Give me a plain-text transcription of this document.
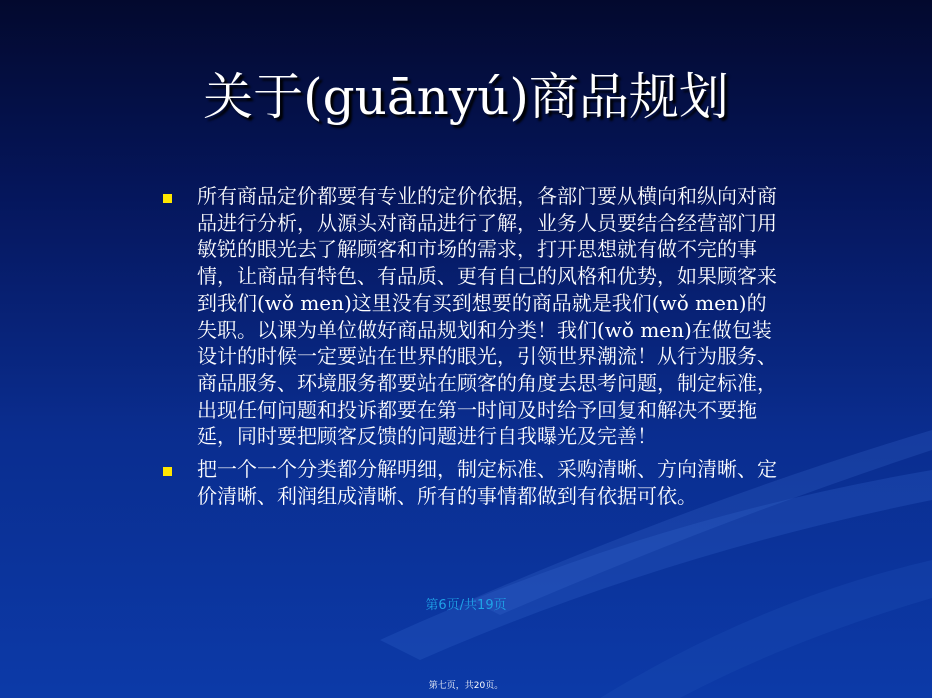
关于(guānyú)商品规划
所有商品定价都要有专业的定价依据，各部门要从横向和纵向对商品进行分析，从源头对商品进行了解，业务人员要结合经营部门用敏锐的眼光去了解顾客和市场的需求，打开思想就有做不完的事情，让商品有特色、有品质、更有自己的风格和优势，如果顾客来到我们(wǒ men)这里没有买到想要的商品就是我们(wǒ men)的失职。以课为单位做好商品规划和分类！我们(wǒ men)在做包装设计的时候一定要站在世界的眼光，引领世界潮流！从行为服务、商品服务、环境服务都要站在顾客的角度去思考问题，制定标准，出现任何问题和投诉都要在第一时间及时给予回复和解决不要拖延，同时要把顾客反馈的问题进行自我曝光及完善！
把一个一个分类都分解明细，制定标准、采购清晰、方向清晰、定价清晰、利润组成清晰、所有的事情都做到有依据可依。
第6页/共19页
第七页，共20页。
